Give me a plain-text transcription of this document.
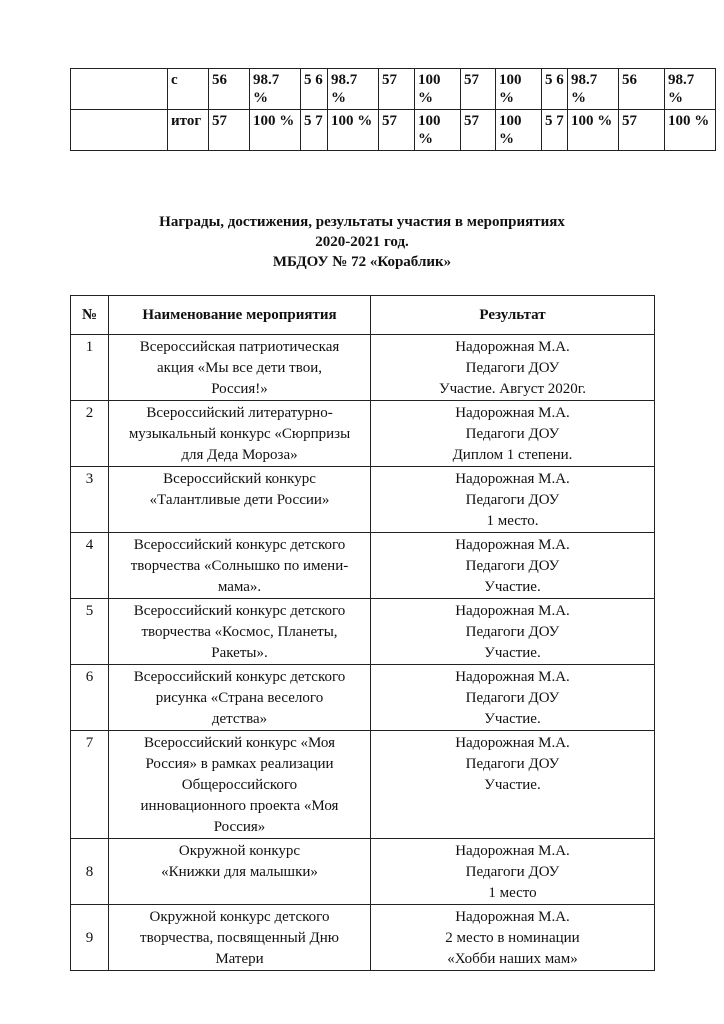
	с	56	98.7 %	5 6	98.7 %	57	100 %	57	100 %	5 6	98.7 %	56	98.7 %
	итог	57	100 %	5 7	100 %	57	100 %	57	100 %	5 7	100 %	57	100 %
Награды, достижения, результаты участия в мероприятиях
2020-2021 год.
МБДОУ № 72 «Кораблик»
№	Наименование мероприятия	Результат
1	Всероссийская патриотическая
акция «Мы все дети твои,
Россия!»	Надорожная М.А.
Педагоги ДОУ
Участие. Август 2020г.

2	Всероссийский литературно-
музыкальный конкурс «Сюрпризы
для Деда Мороза»	Надорожная М.А.
Педагоги ДОУ
Диплом 1 степени.

3	Всероссийский конкурс
«Талантливые дети России»	Надорожная М.А.
Педагоги ДОУ
1 место.

4	Всероссийский конкурс детского
творчества «Солнышко по имени-
мама».	Надорожная М.А.
Педагоги ДОУ
Участие.

5	Всероссийский конкурс детского
творчества «Космос, Планеты,
Ракеты».	Надорожная М.А.
Педагоги ДОУ
Участие.

6	Всероссийский конкурс детского
рисунка «Страна веселого
детства»	Надорожная М.А.
Педагоги ДОУ
Участие.

7	Всероссийский конкурс «Моя
Россия» в рамках реализации
Общероссийского
инновационного проекта «Моя
Россия»	Надорожная М.А.
Педагоги ДОУ
Участие.

8	Окружной конкурс
«Книжки для малышки»	Надорожная М.А.
Педагоги ДОУ
1 место

9	Окружной конкурс детского
творчества, посвященный Дню
Матери	Надорожная М.А.
2 место в номинации
«Хобби наших мам»
